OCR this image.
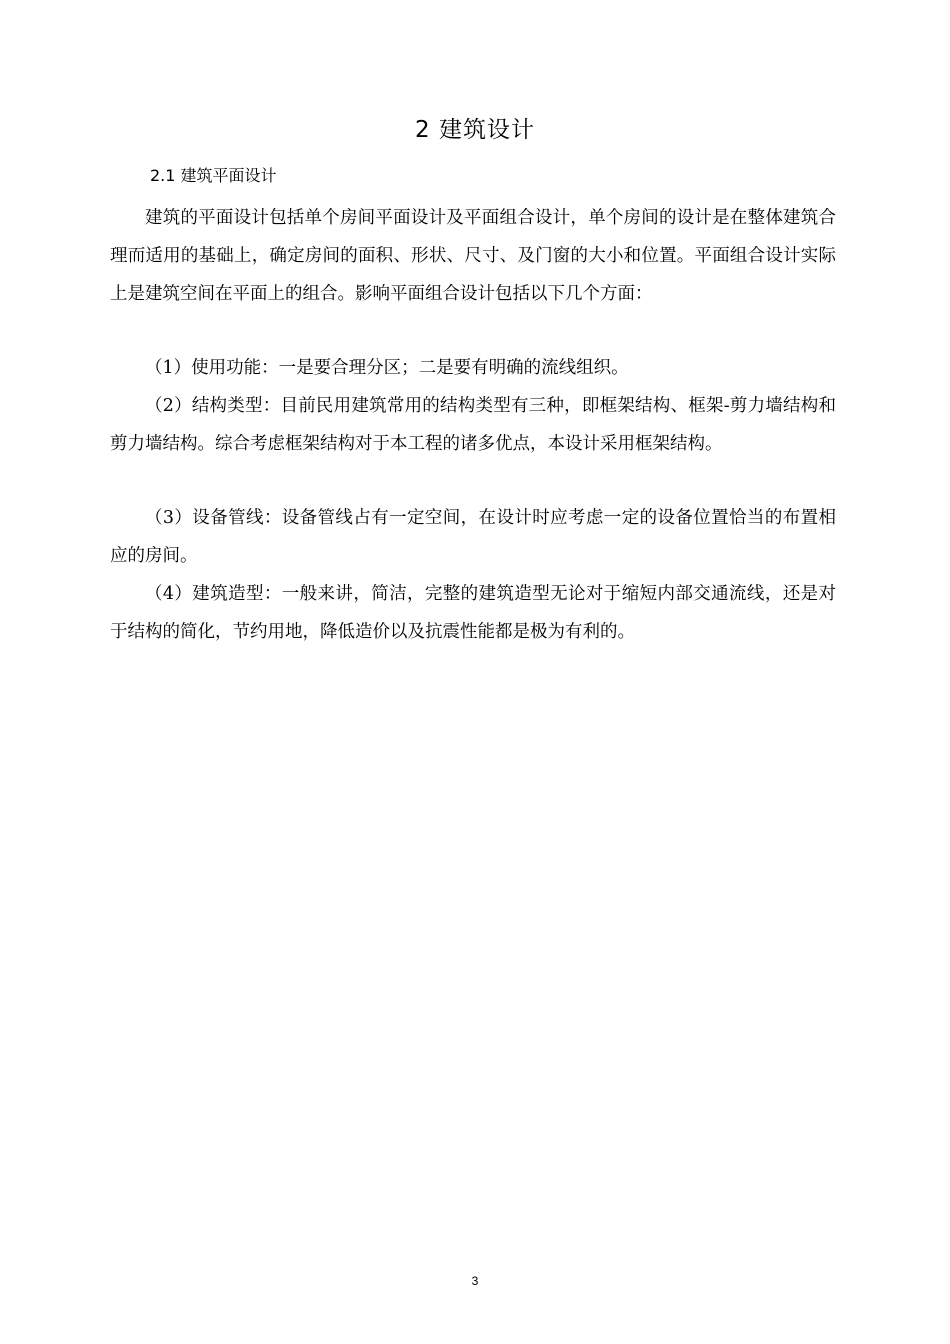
2 建筑设计
2.1 建筑平面设计

建筑的平面设计包括单个房间平面设计及平面组合设计，单个房间的设计是在整体建筑合理而适用的基础上，确定房间的面积、形状、尺寸、及门窗的大小和位置。平面组合设计实际上是建筑空间在平面上的组合。影响平面组合设计包括以下几个方面：

（1）使用功能：一是要合理分区；二是要有明确的流线组织。

（2）结构类型：目前民用建筑常用的结构类型有三种，即框架结构、框架-剪力墙结构和剪力墙结构。综合考虑框架结构对于本工程的诸多优点，本设计采用框架结构。

（3）设备管线：设备管线占有一定空间，在设计时应考虑一定的设备位置恰当的布置相应的房间。

（4）建筑造型：一般来讲，简洁，完整的建筑造型无论对于缩短内部交通流线，还是对于结构的简化，节约用地，降低造价以及抗震性能都是极为有利的。

3
